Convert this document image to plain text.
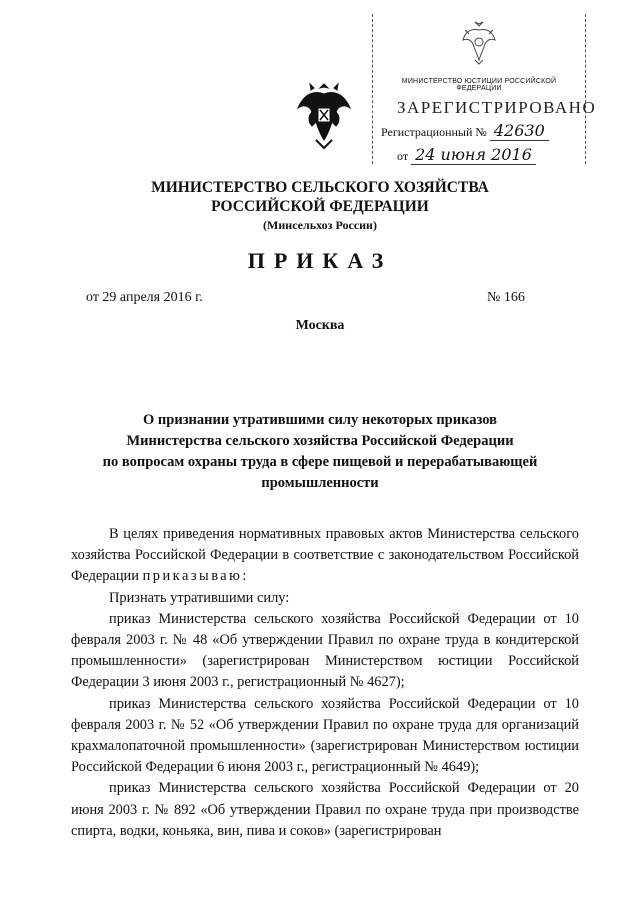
МИНИСТЕРСТВО ЮСТИЦИИ РОССИЙСКОЙ ФЕДЕРАЦИИ
ЗАРЕГИСТРИРОВАНО
Регистрационный № 42630
от 24 июня 2016
МИНИСТЕРСТВО СЕЛЬСКОГО ХОЗЯЙСТВА
РОССИЙСКОЙ ФЕДЕРАЦИИ
(Минсельхоз России)
ПРИКАЗ
от 29 апреля 2016 г.	№ 166
Москва
О признании утратившими силу некоторых приказов
Министерства сельского хозяйства Российской Федерации
по вопросам охраны труда в сфере пищевой и перерабатывающей
промышленности

В целях приведения нормативных правовых актов Министерства сельского хозяйства Российской Федерации в соответствие с законодательством Российской Федерации приказываю:

Признать утратившими силу:

приказ Министерства сельского хозяйства Российской Федерации от 10 февраля 2003 г. № 48 «Об утверждении Правил по охране труда в кондитерской промышленности» (зарегистрирован Министерством юстиции Российской Федерации 3 июня 2003 г., регистрационный № 4627);

приказ Министерства сельского хозяйства Российской Федерации от 10 февраля 2003 г. № 52 «Об утверждении Правил по охране труда для организаций крахмалопаточной промышленности» (зарегистрирован Министерством юстиции Российской Федерации 6 июня 2003 г., регистрационный № 4649);

приказ Министерства сельского хозяйства Российской Федерации от 20 июня 2003 г. № 892 «Об утверждении Правил по охране труда при производстве спирта, водки, коньяка, вин, пива и соков» (зарегистрирован
